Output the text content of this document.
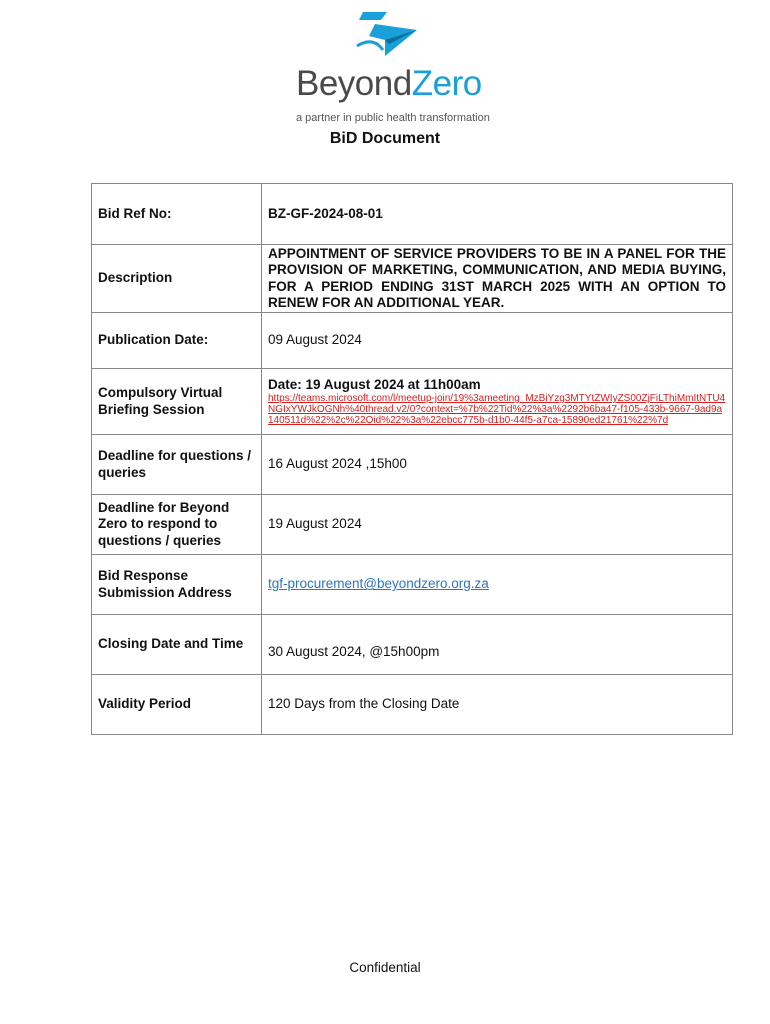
BeyondZero
a partner in public health transformation
BiD Document
Bid Ref No:	BZ-GF-2024-08-01
Description	APPOINTMENT OF SERVICE PROVIDERS TO BE IN A PANEL FOR THE PROVISION OF MARKETING, COMMUNICATION, AND MEDIA BUYING, FOR A PERIOD ENDING 31ST MARCH 2025 WITH AN OPTION TO RENEW FOR AN ADDITIONAL YEAR.
Publication Date:	09 August 2024
Compulsory Virtual Briefing Session	Date: 19 August 2024 at 11h00am
https://teams.microsoft.com/l/meetup-join/19%3ameeting_MzBiYzg3MTYtZWIyZS00ZjFiLThiMmItNTU4NGIxYWJkOGNh%40thread.v2/0?context=%7b%22Tid%22%3a%2292b6ba47-f105-433b-9667-9ad9a140511d%22%2c%22Oid%22%3a%22ebcc775b-d1b0-44f5-a7ca-15890ed21761%22%7d

Deadline for questions / queries	16 August 2024 ,15h00
Deadline for Beyond Zero to respond to questions / queries	19 August 2024
Bid Response Submission Address	tgf-procurement@beyondzero.org.za
Closing Date and Time	30 August 2024, @15h00pm
Validity Period	120 Days from the Closing Date
Confidential
